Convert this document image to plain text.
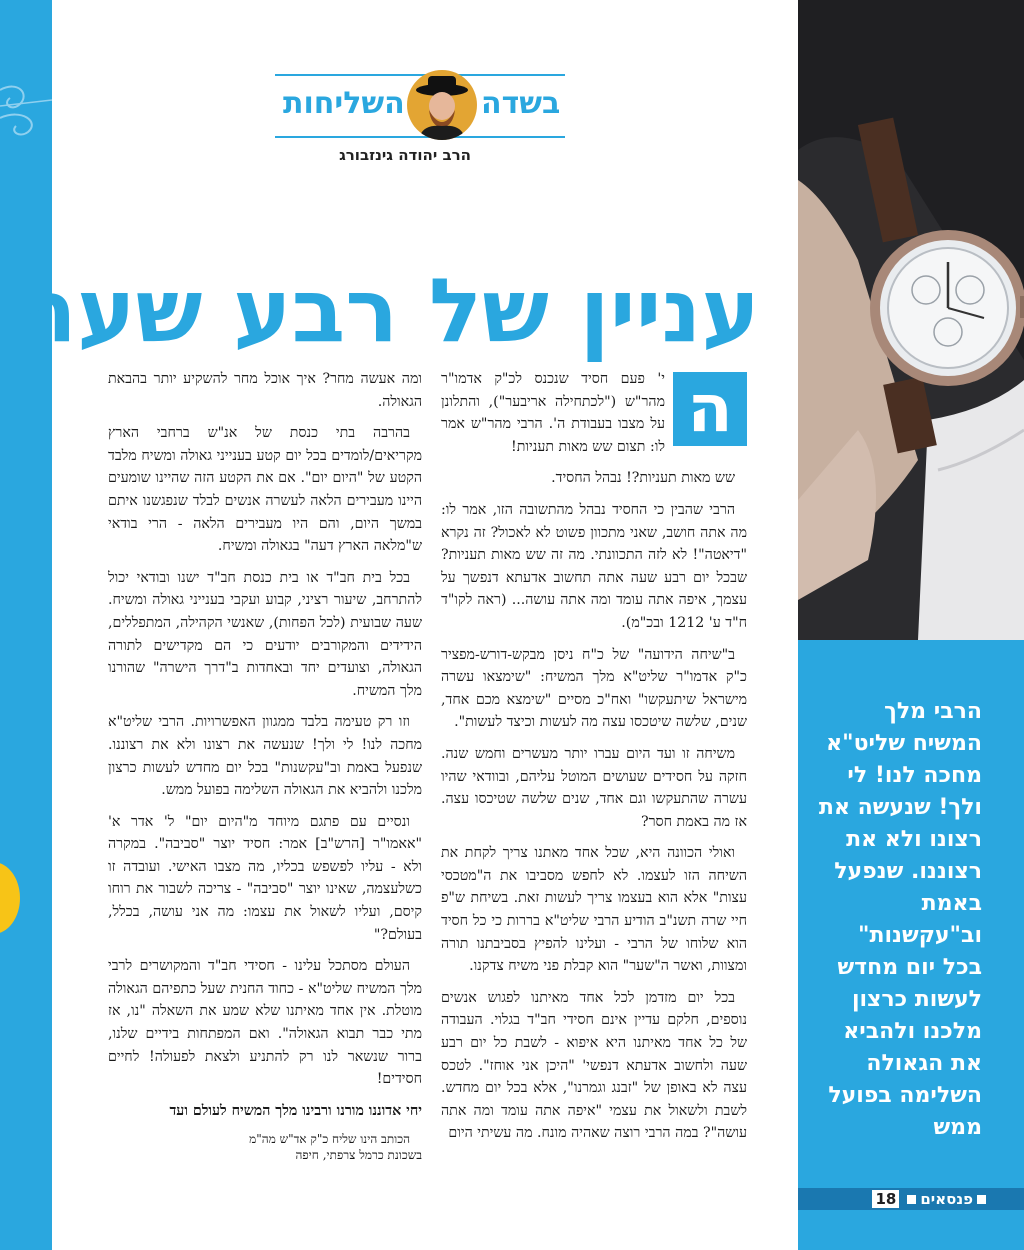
בשדה
השליחות

הרב יהודה גינזבורג

עניין של רבע שעה
ה

י' פעם חסיד שנכנס לכ"ק אדמו"ר מהר"ש ("לכתחילה אריבער"), והתלונן על מצבו בעבודת ה'. הרבי מהר"ש אמר לו: תצום שש מאות תעניות!

שש מאות תעניות?! נבהל החסיד.

הרבי שהבין כי החסיד נבהל מהתשובה הזו, אמר לו: מה אתה חושב, שאני מתכוון פשוט לא לאכול? זה נקרא "דיאטה"! לא לזה התכוונתי. מה זה שש מאות תעניות? שבכל יום רבע שעה אתה תחשוב אדעתא דנפשך על עצמך, איפה אתה עומד ומה אתה עושה... (ראה לקו"ד ח"ד ע' 1212 ובכ"מ).

ב"שיחה הידועה" של כ"ח ניסן מבקש-דורש-מפציר כ"ק אדמו"ר שליט"א מלך המשיח: "שימצאו עשרה מישראל שיתעקשו" ואח"כ מסיים "שימצא מכם אחד, שנים, שלשה שיטכסו עצה מה לעשות וכיצד לעשות".

משיחה זו ועד היום עברו יותר מעשרים וחמש שנה. חזקה על חסידים שעושים המוטל עליהם, ובוודאי שהיו עשרה שהתעקשו וגם אחד, שנים שלשה שטיכסו עצה. אז מה באמת חסר?

ואולי הכוונה היא, שכל אחד מאתנו צריך לקחת את השיחה הזו לעצמו. לא לחפש מסביבו את ה"מטכסי עצות" אלא הוא בעצמו צריך לעשות זאת. בשיחת ש"פ חיי שרה תשנ"ב הודיע הרבי שליט"א בררות כי כל חסיד הוא שלוחו של הרבי - ועלינו להפיץ בסביבתנו תורה ומצוות, ואשר ה"שער" הוא קבלת פני משיח צדקנו.

בכל יום מזדמן לכל אחד מאיתנו לפגוש אנשים נוספים, חלקם עדיין אינם חסידי חב"ד בגלוי. העבודה של כל אחד מאיתנו היא איפוא - לשבת כל יום רבע שעה ולחשוב אדעתא דנפשי' "היכן אני אוחז". לטכס עצה לא באופן של "זבנג וגמרנו", אלא בכל יום מחדש. לשבת ולשאול את עצמי "איפה אתה עומד ומה אתה עושה"? במה הרבי רוצה שאהיה מונח. מה עשיתי היום

ומה אעשה מחר? איך אוכל מחר להשקיע יותר בהבאת הגאולה.

בהרבה בתי כנסת של אנ"ש ברחבי הארץ מקריאים/לומדים בכל יום קטע בענייני גאולה ומשיח מלבד הקטע של "היום יום". אם את הקטע הזה שהיינו שומעים היינו מעבירים הלאה לעשרה אנשים לבלד שנפגשנו איתם במשך היום, והם היו מעבירים הלאה - הרי בודאי ש"מלאה הארץ דעה" בגאולה ומשיח.

בכל בית חב"ד או בית כנסת חב"ד ישנו ובודאי יכול להתרחב, שיעור רציני, קבוע ועקבי בענייני גאולה ומשיח. שעה שבועית (לכל הפחות), שאנשי הקהילה, המתפללים, הידידים והמקורבים יודעים כי הם מקדישים לתורה הגאולה, וצועדים יחד ובאחדות ב"דרך הישרה" שהורנו מלך המשיח.

וזו רק טעימה בלבד ממגוון האפשרויות. הרבי שליט"א מחכה לנו! לי ולך! שנעשה את רצונו ולא את רצוננו. שנפעל באמת וב"עקשנות" בכל יום מחדש לעשות כרצון מלכנו ולהביא את הגאולה השלימה בפועל ממש.

ונסיים עם פתגם מיוחד מ"היום יום" ל' אדר א' "אאמו"ר [הרש"ב] אמר: חסיד יוצר "סביבה". במקרה ולא - עליו לפשפש בכליו, מה מצבו האישי. ועובדה זו כשלעצמה, שאינו יוצר "סביבה" - צריכה לשבור את רוחו קיסם, ועליו לשאול את עצמו: מה אני עושה, בכלל, בעולם?"

העולם מסתכל עלינו - חסידי חב"ד והמקושרים לרבי מלך המשיח שליט"א - כחוד החנית שעל כתפיהם הגאולה מוטלת. אין אחד מאיתנו שלא שמע את השאלה "נו, אז מתי כבר תבוא הגאולה". ואם המפתחות בידיים שלנו, ברור שנשאר לנו רק להתניע ולצאת לפעולה! לחיים חסידים!

יחי אדוננו מורנו ורבינו מלך המשיח לעולם ועד

הכותב הינו שליח כ"ק אד"ש מה"מ
בשכונת כרמל צרפתי, חיפה

הרבי מלך המשיח שליט"א מחכה לנו! לי ולך! שנעשה את רצונו ולא את רצוננו. שנפעל באמת וב"עקשנות" בכל יום מחדש לעשות כרצון מלכנו ולהביא את הגאולה השלימה בפועל ממש

פנסאים18
